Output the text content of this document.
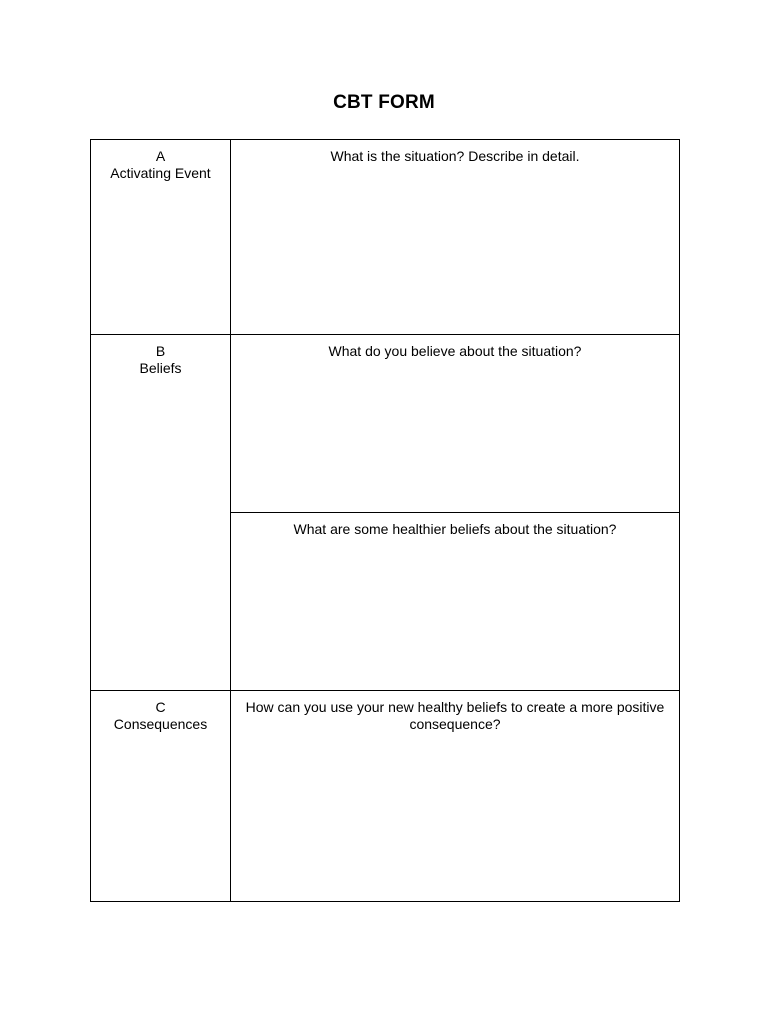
CBT FORM
A
Activating Event	What is the situation? Describe in detail.

B
Beliefs	What do you believe about the situation?

	What are some healthier beliefs about the situation?

C
Consequences	How can you use your new healthy beliefs to create a more positive consequence?
